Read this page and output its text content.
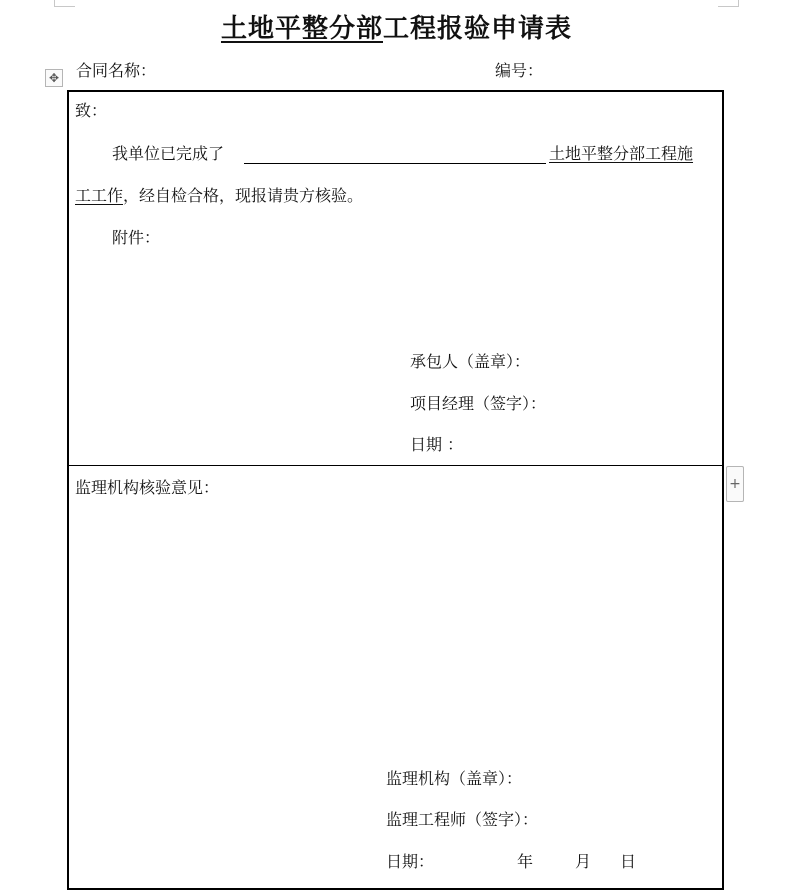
土地平整分部工程报验申请表
✥ 合同名称：	编号：
致：
我单位已完成了	土地平整分部工程施
工工作，经自检合格，现报请贵方核验。
附件：
承包人（盖章）：
项目经理（签字）：
日期 ：
+
监理机构核验意见：
监理机构（盖章）：
监理工程师（签字）：
日期：	年	月 日
